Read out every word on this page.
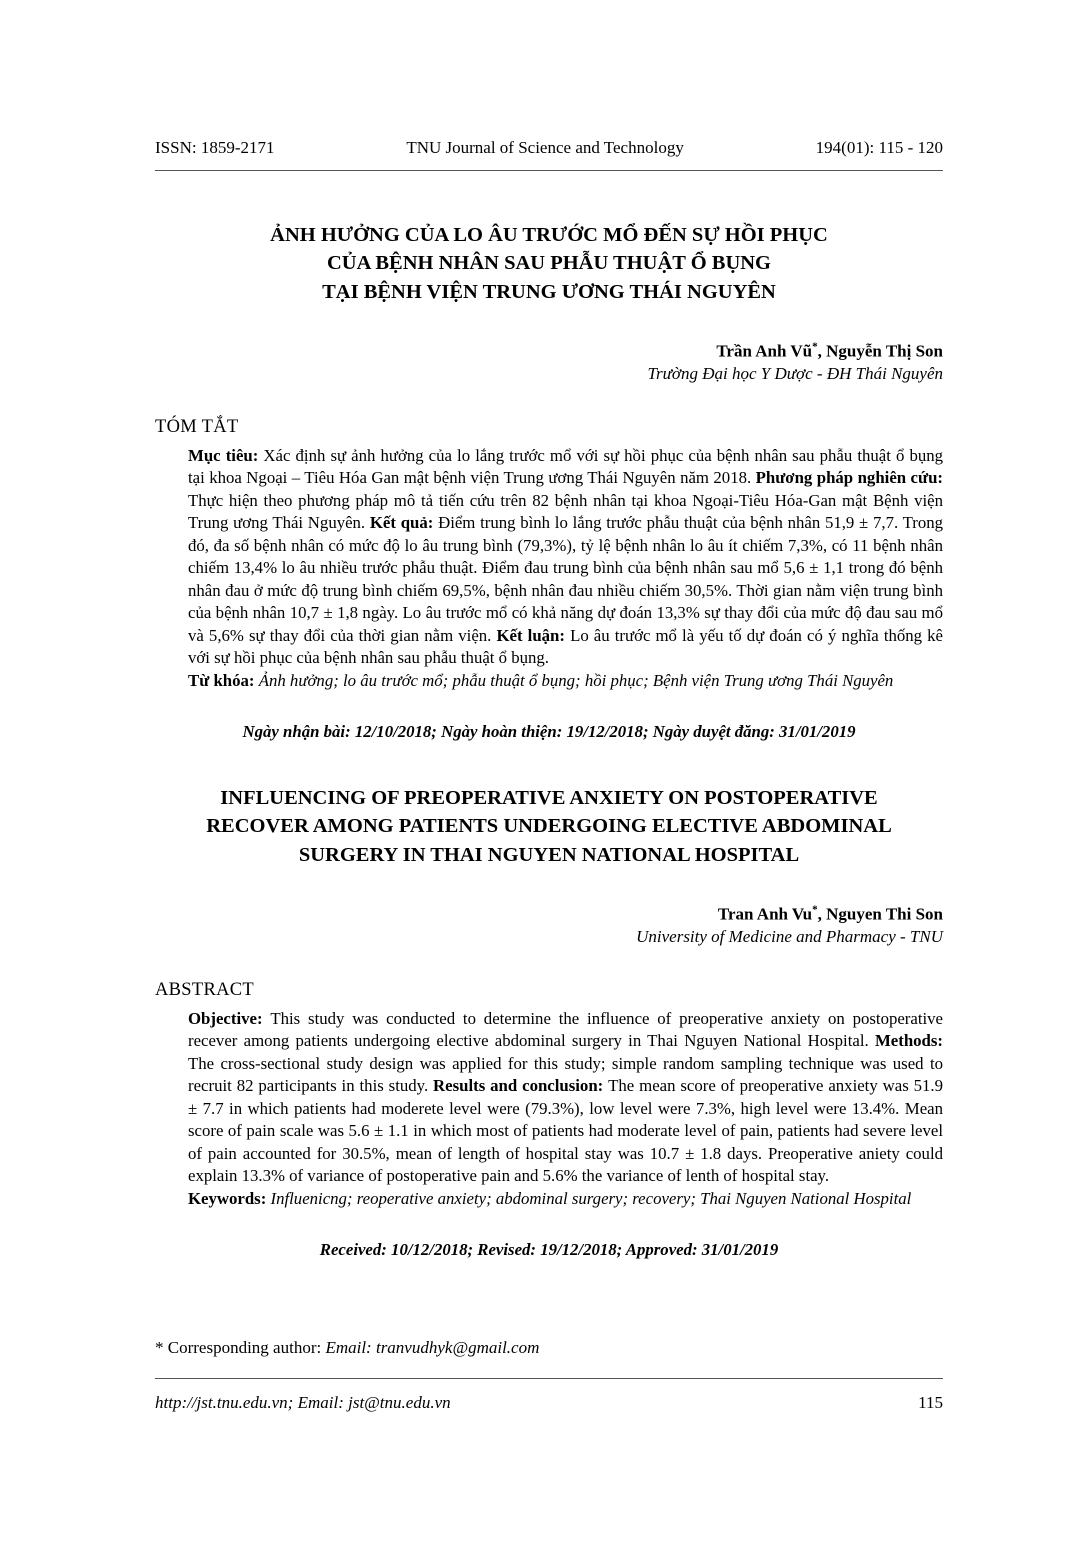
ISSN: 1859-2171	TNU Journal of Science and Technology	194(01): 115 - 120
ẢNH HƯỞNG CỦA LO ÂU TRƯỚC MỔ ĐẾN SỰ HỒI PHỤC
CỦA BỆNH NHÂN SAU PHẪU THUẬT Ổ BỤNG
TẠI BỆNH VIỆN TRUNG ƯƠNG THÁI NGUYÊN
Trần Anh Vũ*, Nguyễn Thị Son
Trường Đại học Y Dược - ĐH Thái Nguyên
TÓM TẮT
Mục tiêu: Xác định sự ảnh hưởng của lo lắng trước mổ với sự hồi phục của bệnh nhân sau phẫu thuật ổ bụng tại khoa Ngoại – Tiêu Hóa Gan mật bệnh viện Trung ương Thái Nguyên năm 2018. Phương pháp nghiên cứu: Thực hiện theo phương pháp mô tả tiến cứu trên 82 bệnh nhân tại khoa Ngoại-Tiêu Hóa-Gan mật Bệnh viện Trung ương Thái Nguyên. Kết quả: Điểm trung bình lo lắng trước phẫu thuật của bệnh nhân 51,9 ± 7,7. Trong đó, đa số bệnh nhân có mức độ lo âu trung bình (79,3%), tỷ lệ bệnh nhân lo âu ít chiếm 7,3%, có 11 bệnh nhân chiếm 13,4% lo âu nhiều trước phẫu thuật. Điểm đau trung bình của bệnh nhân sau mổ 5,6 ± 1,1 trong đó bệnh nhân đau ở mức độ trung bình chiếm 69,5%, bệnh nhân đau nhiều chiếm 30,5%. Thời gian nằm viện trung bình của bệnh nhân 10,7 ± 1,8 ngày. Lo âu trước mổ có khả năng dự đoán 13,3% sự thay đổi của mức độ đau sau mổ và 5,6% sự thay đổi của thời gian nằm viện. Kết luận: Lo âu trước mổ là yếu tố dự đoán có ý nghĩa thống kê với sự hồi phục của bệnh nhân sau phẫu thuật ổ bụng.
Từ khóa: Ảnh hưởng; lo âu trước mổ; phẫu thuật ổ bụng; hồi phục; Bệnh viện Trung ương Thái Nguyên
Ngày nhận bài: 12/10/2018; Ngày hoàn thiện: 19/12/2018; Ngày duyệt đăng: 31/01/2019
INFLUENCING OF PREOPERATIVE ANXIETY ON POSTOPERATIVE
RECOVER AMONG PATIENTS UNDERGOING ELECTIVE ABDOMINAL
SURGERY IN THAI NGUYEN NATIONAL HOSPITAL
Tran Anh Vu*, Nguyen Thi Son
University of Medicine and Pharmacy - TNU
ABSTRACT
Objective: This study was conducted to determine the influence of preoperative anxiety on postoperative recever among patients undergoing elective abdominal surgery in Thai Nguyen National Hospital. Methods: The cross-sectional study design was applied for this study; simple random sampling technique was used to recruit 82 participants in this study. Results and conclusion: The mean score of preoperative anxiety was 51.9 ± 7.7 in which patients had moderete level were (79.3%), low level were 7.3%, high level were 13.4%. Mean score of pain scale was 5.6 ± 1.1 in which most of patients had moderate level of pain, patients had severe level of pain accounted for 30.5%, mean of length of hospital stay was 10.7 ± 1.8 days. Preoperative aniety could explain 13.3% of variance of postoperative pain and 5.6% the variance of lenth of hospital stay.
Keywords: Influenicng; reoperative anxiety; abdominal surgery; recovery; Thai Nguyen National Hospital
Received: 10/12/2018; Revised: 19/12/2018; Approved: 31/01/2019
* Corresponding author: Email: tranvudhyk@gmail.com
http://jst.tnu.edu.vn; Email: jst@tnu.edu.vn	115
